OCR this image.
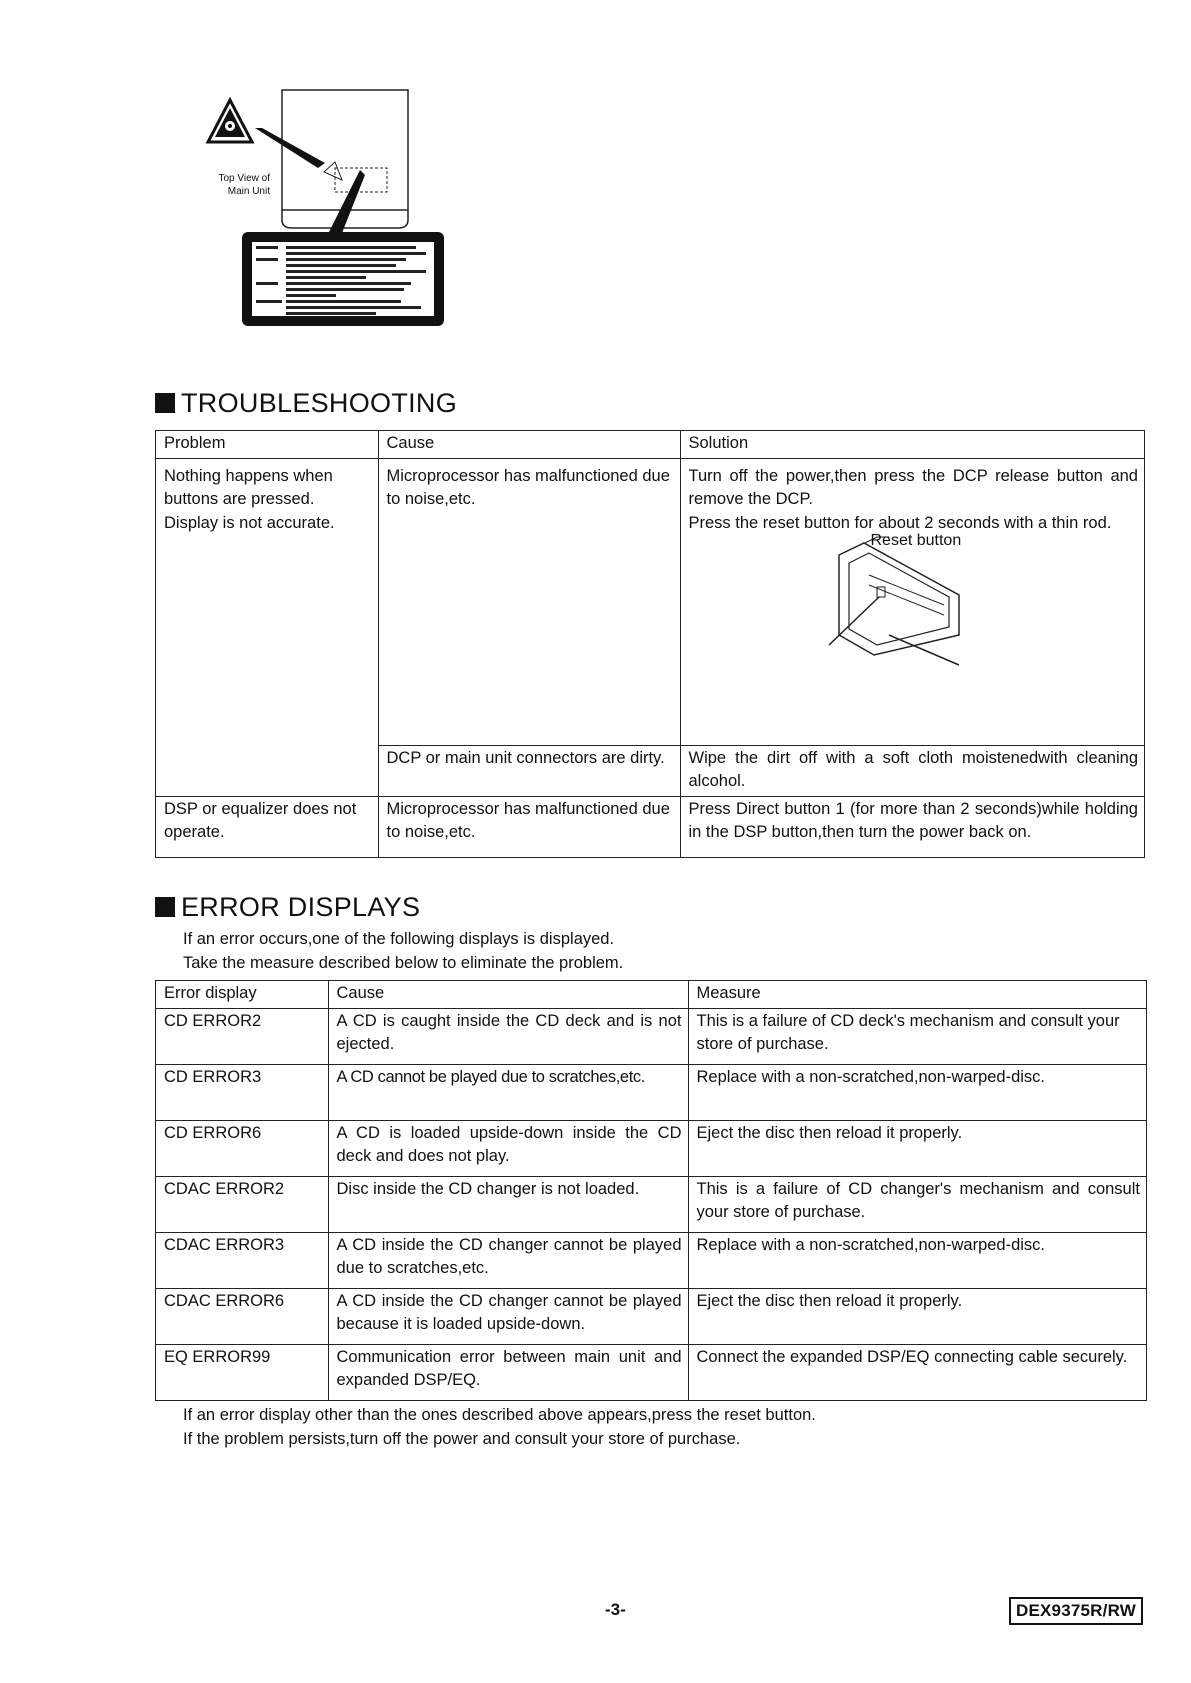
Top View of
Main Unit
TROUBLESHOOTING
Problem	Cause	Solution
Nothing happens when buttons are pressed. Display is not accurate.	Microprocessor has malfunctioned due to noise,etc.	Turn off the power,then press the DCP release button and remove the DCP.
Press the reset button for about 2 seconds with a thin rod.
Reset button

	DCP or main unit connectors are dirty.	Wipe the dirt off with a soft cloth moistenedwith cleaning alcohol.
DSP or equalizer does not operate.	Microprocessor has malfunctioned due to noise,etc.	Press Direct button 1 (for more than 2 seconds)while holding in the DSP button,then turn the power back on.
ERROR DISPLAYS
If an error occurs,one of the following displays is displayed.
Take the measure described below to eliminate the problem.
Error display	Cause	Measure
CD ERROR2	A CD is caught inside the CD deck and is not ejected.	This is a failure of CD deck's mechanism and consult your store of purchase.
CD ERROR3	A CD cannot be played due to scratches,etc.	Replace with a non-scratched,non-warped-disc.
CD ERROR6	A CD is loaded upside-down inside the CD deck and does not play.	Eject the disc then reload it properly.
CDAC ERROR2	Disc inside the CD changer is not loaded.	This is a failure of CD changer's mechanism and consult your store of purchase.
CDAC ERROR3	A CD inside the CD changer cannot be played due to scratches,etc.	Replace with a non-scratched,non-warped-disc.
CDAC ERROR6	A CD inside the CD changer cannot be played because it is loaded upside-down.	Eject the disc then reload it properly.
EQ ERROR99	Communication error between main unit and expanded DSP/EQ.	Connect the expanded DSP/EQ connecting cable securely.
If an error display other than the ones described above appears,press the reset button.
If the problem persists,turn off the power and consult your store of purchase.
-3-	DEX9375R/RW
